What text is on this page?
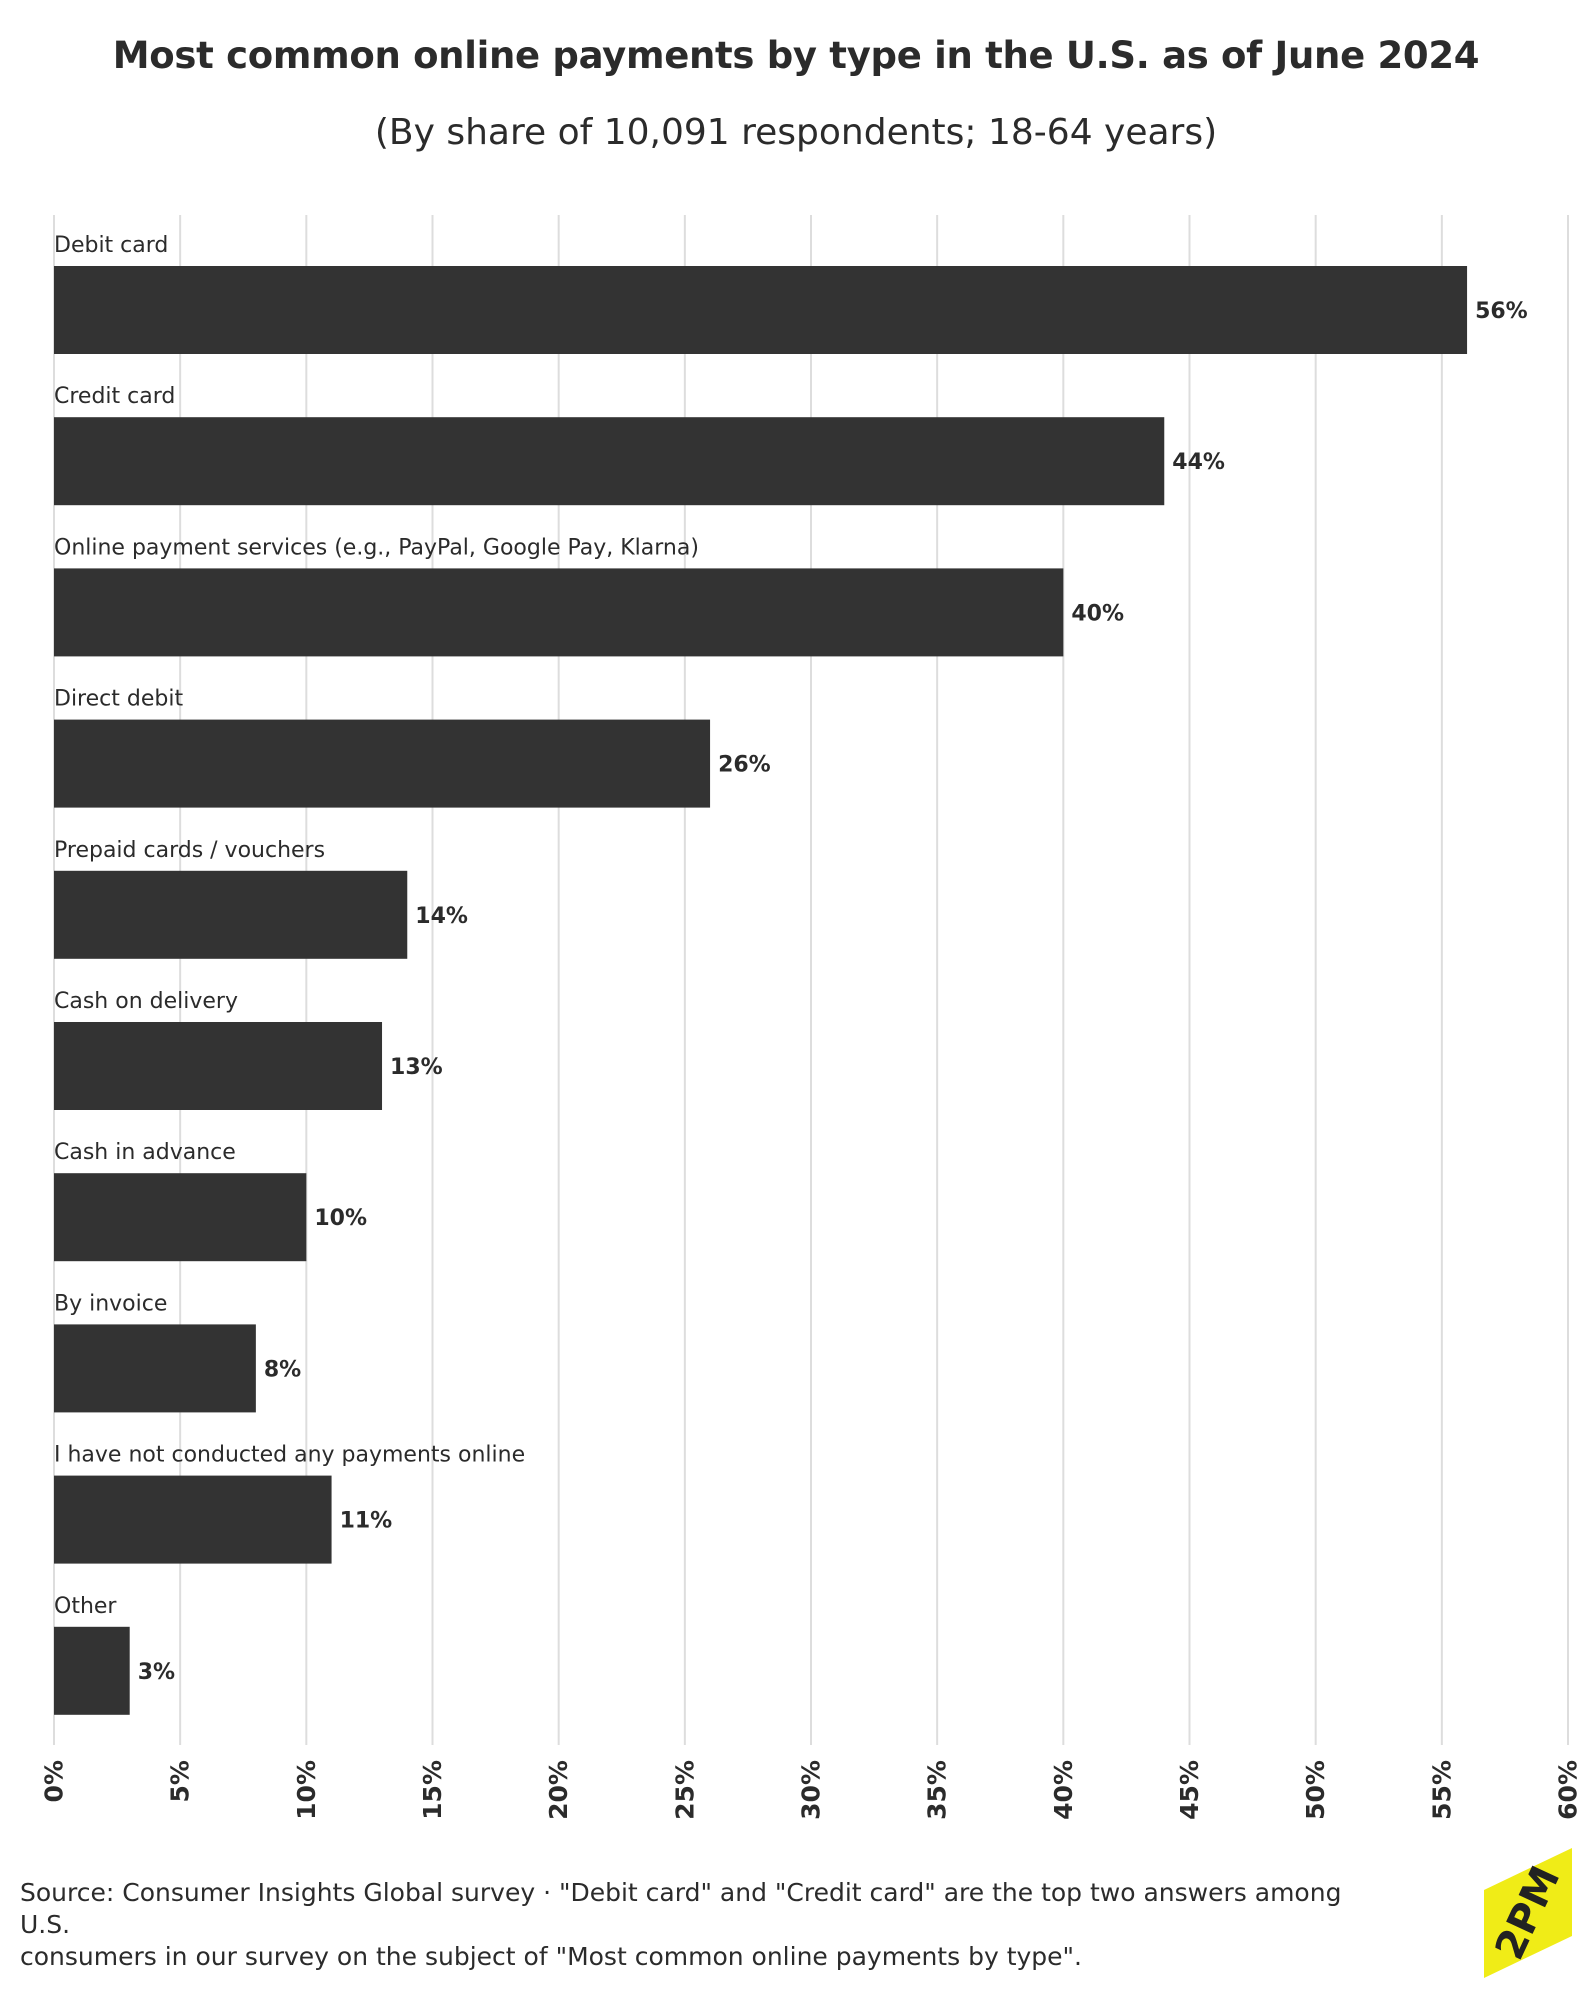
Most common online payments by type in the U.S. as of June 2024
(By share of 10,091 respondents; 18-64 years)
0%	5%	10%	15%	20%	25%	30%	35%	40%	45%	50%	55%	60%
Debit card
56%
Credit card
44%
Online payment services (e.g., PayPal, Google Pay, Klarna)
40%
Direct debit
26%
Prepaid cards / vouchers
14%
Cash on delivery
13%
Cash in advance
10%
By invoice
8%
I have not conducted any payments online
11%
Other
3%
Source: Consumer Insights Global survey · "Debit card" and "Credit card" are the top two answers among U.S.
consumers in our survey on the subject of "Most common online payments by type".	2PM
